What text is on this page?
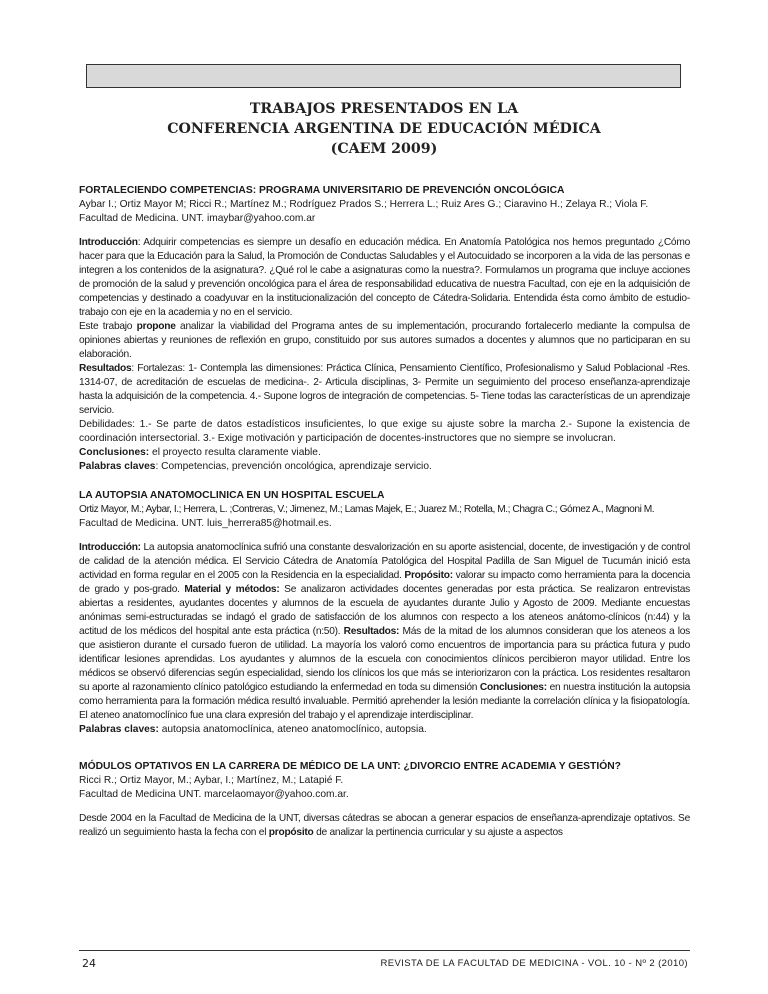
TRABAJOS PRESENTADOS EN LA
CONFERENCIA ARGENTINA DE EDUCACIÓN MÉDICA
(CAEM 2009)

FORTALECIENDO COMPETENCIAS: PROGRAMA UNIVERSITARIO DE PREVENCIÓN ONCOLÓGICA

Aybar I.; Ortiz Mayor M; Ricci R.; Martínez M.; Rodríguez Prados S.; Herrera L.; Ruiz Ares G.; Ciaravino H.; Zelaya R.; Viola F.

Facultad de Medicina. UNT. imaybar@yahoo.com.ar

Introducción: Adquirir competencias es siempre un desafío en educación médica. En Anatomía Patológica nos hemos preguntado ¿Cómo hacer para que la Educación para la Salud, la Promoción de Conductas Saludables y el Autocuidado se incorporen a la vida de las personas e integren a los contenidos de la asignatura?. ¿Qué rol le cabe a asignaturas como la nuestra?. Formulamos un programa que incluye acciones de promoción de la salud y prevención oncológica para el área de responsabilidad educativa de nuestra Facultad, con eje en la adquisición de competencias y destinado a coadyuvar en la institucionalización del concepto de Cátedra-Solidaria. Entendida ésta como ámbito de estudio-trabajo con eje en la academia y no en el servicio.

Este trabajo propone analizar la viabilidad del Programa antes de su implementación, procurando fortalecerlo mediante la compulsa de opiniones abiertas y reuniones de reflexión en grupo, constituido por sus autores sumados a docentes y alumnos que no participaran en su elaboración.

Resultados: Fortalezas: 1- Contempla las dimensiones: Práctica Clínica, Pensamiento Científico, Profesionalismo y Salud Poblacional -Res. 1314-07, de acreditación de escuelas de medicina-. 2- Articula disciplinas, 3- Permite un seguimiento del proceso enseñanza-aprendizaje hasta la adquisición de la competencia. 4.- Supone logros de integración de competencias. 5- Tiene todas las características de un aprendizaje servicio.

Debilidades: 1.- Se parte de datos estadísticos insuficientes, lo que exige su ajuste sobre la marcha 2.- Supone la existencia de coordinación intersectorial. 3.- Exige motivación y participación de docentes-instructores que no siempre se involucran.

Conclusiones: el proyecto resulta claramente viable.

Palabras claves: Competencias, prevención oncológica, aprendizaje servicio.

LA AUTOPSIA ANATOMOCLINICA EN UN HOSPITAL ESCUELA

Ortiz Mayor, M.; Aybar, I.; Herrera, L. ;Contreras, V.; Jimenez, M.; Lamas Majek, E.; Juarez M.; Rotella, M.; Chagra C.; Gómez A., Magnoni M.

Facultad de Medicina. UNT. luis_herrera85@hotmail.es.

Introducción: La autopsia anatomoclínica sufrió una constante desvalorización en su aporte asistencial, docente, de investigación y de control de calidad de la atención médica. El Servicio Cátedra de Anatomía Patológica del Hospital Padilla de San Miguel de Tucumán inició esta actividad en forma regular en el 2005 con la Residencia en la especialidad. Propósito: valorar su impacto como herramienta para la docencia de grado y pos-grado. Material y métodos: Se analizaron actividades docentes generadas por esta práctica. Se realizaron entrevistas abiertas a residentes, ayudantes docentes y alumnos de la escuela de ayudantes durante Julio y Agosto de 2009. Mediante encuestas anónimas semi-estructuradas se indagó el grado de satisfacción de los alumnos con respecto a los ateneos anátomo-clínicos (n:44) y la actitud de los médicos del hospital ante esta práctica (n:50). Resultados: Más de la mitad de los alumnos consideran que los ateneos a los que asistieron durante el cursado fueron de utilidad. La mayoría los valoró como encuentros de importancia para su práctica futura y pudo identificar lesiones aprendidas. Los ayudantes y alumnos de la escuela con conocimientos clínicos percibieron mayor utilidad. Entre los médicos se observó diferencias según especialidad, siendo los clínicos los que más se interiorizaron con la práctica. Los residentes resaltaron su aporte al razonamiento clínico patológico estudiando la enfermedad en toda su dimensión Conclusiones: en nuestra institución la autopsia como herramienta para la formación médica resultó invaluable. Permitió aprehender la lesión mediante la correlación clínica y la fisiopatología. El ateneo anatomoclínico fue una clara expresión del trabajo y el aprendizaje interdisciplinar.

Palabras claves: autopsia anatomoclínica, ateneo anatomoclínico, autopsia.

MÓDULOS OPTATIVOS EN LA CARRERA DE MÉDICO DE LA UNT: ¿DIVORCIO ENTRE ACADEMIA Y GESTIÓN?

Ricci R.; Ortiz Mayor, M.; Aybar, I.; Martínez, M.; Latapié F.

Facultad de Medicina UNT. marcelaomayor@yahoo.com.ar.

Desde 2004 en la Facultad de Medicina de la UNT, diversas cátedras se abocan a generar espacios de enseñanza-aprendizaje optativos. Se realizó un seguimiento hasta la fecha con el propósito de analizar la pertinencia curricular y su ajuste a aspectos

24	REVISTA DE LA FACULTAD DE MEDICINA - VOL. 10 - Nº 2 (2010)
